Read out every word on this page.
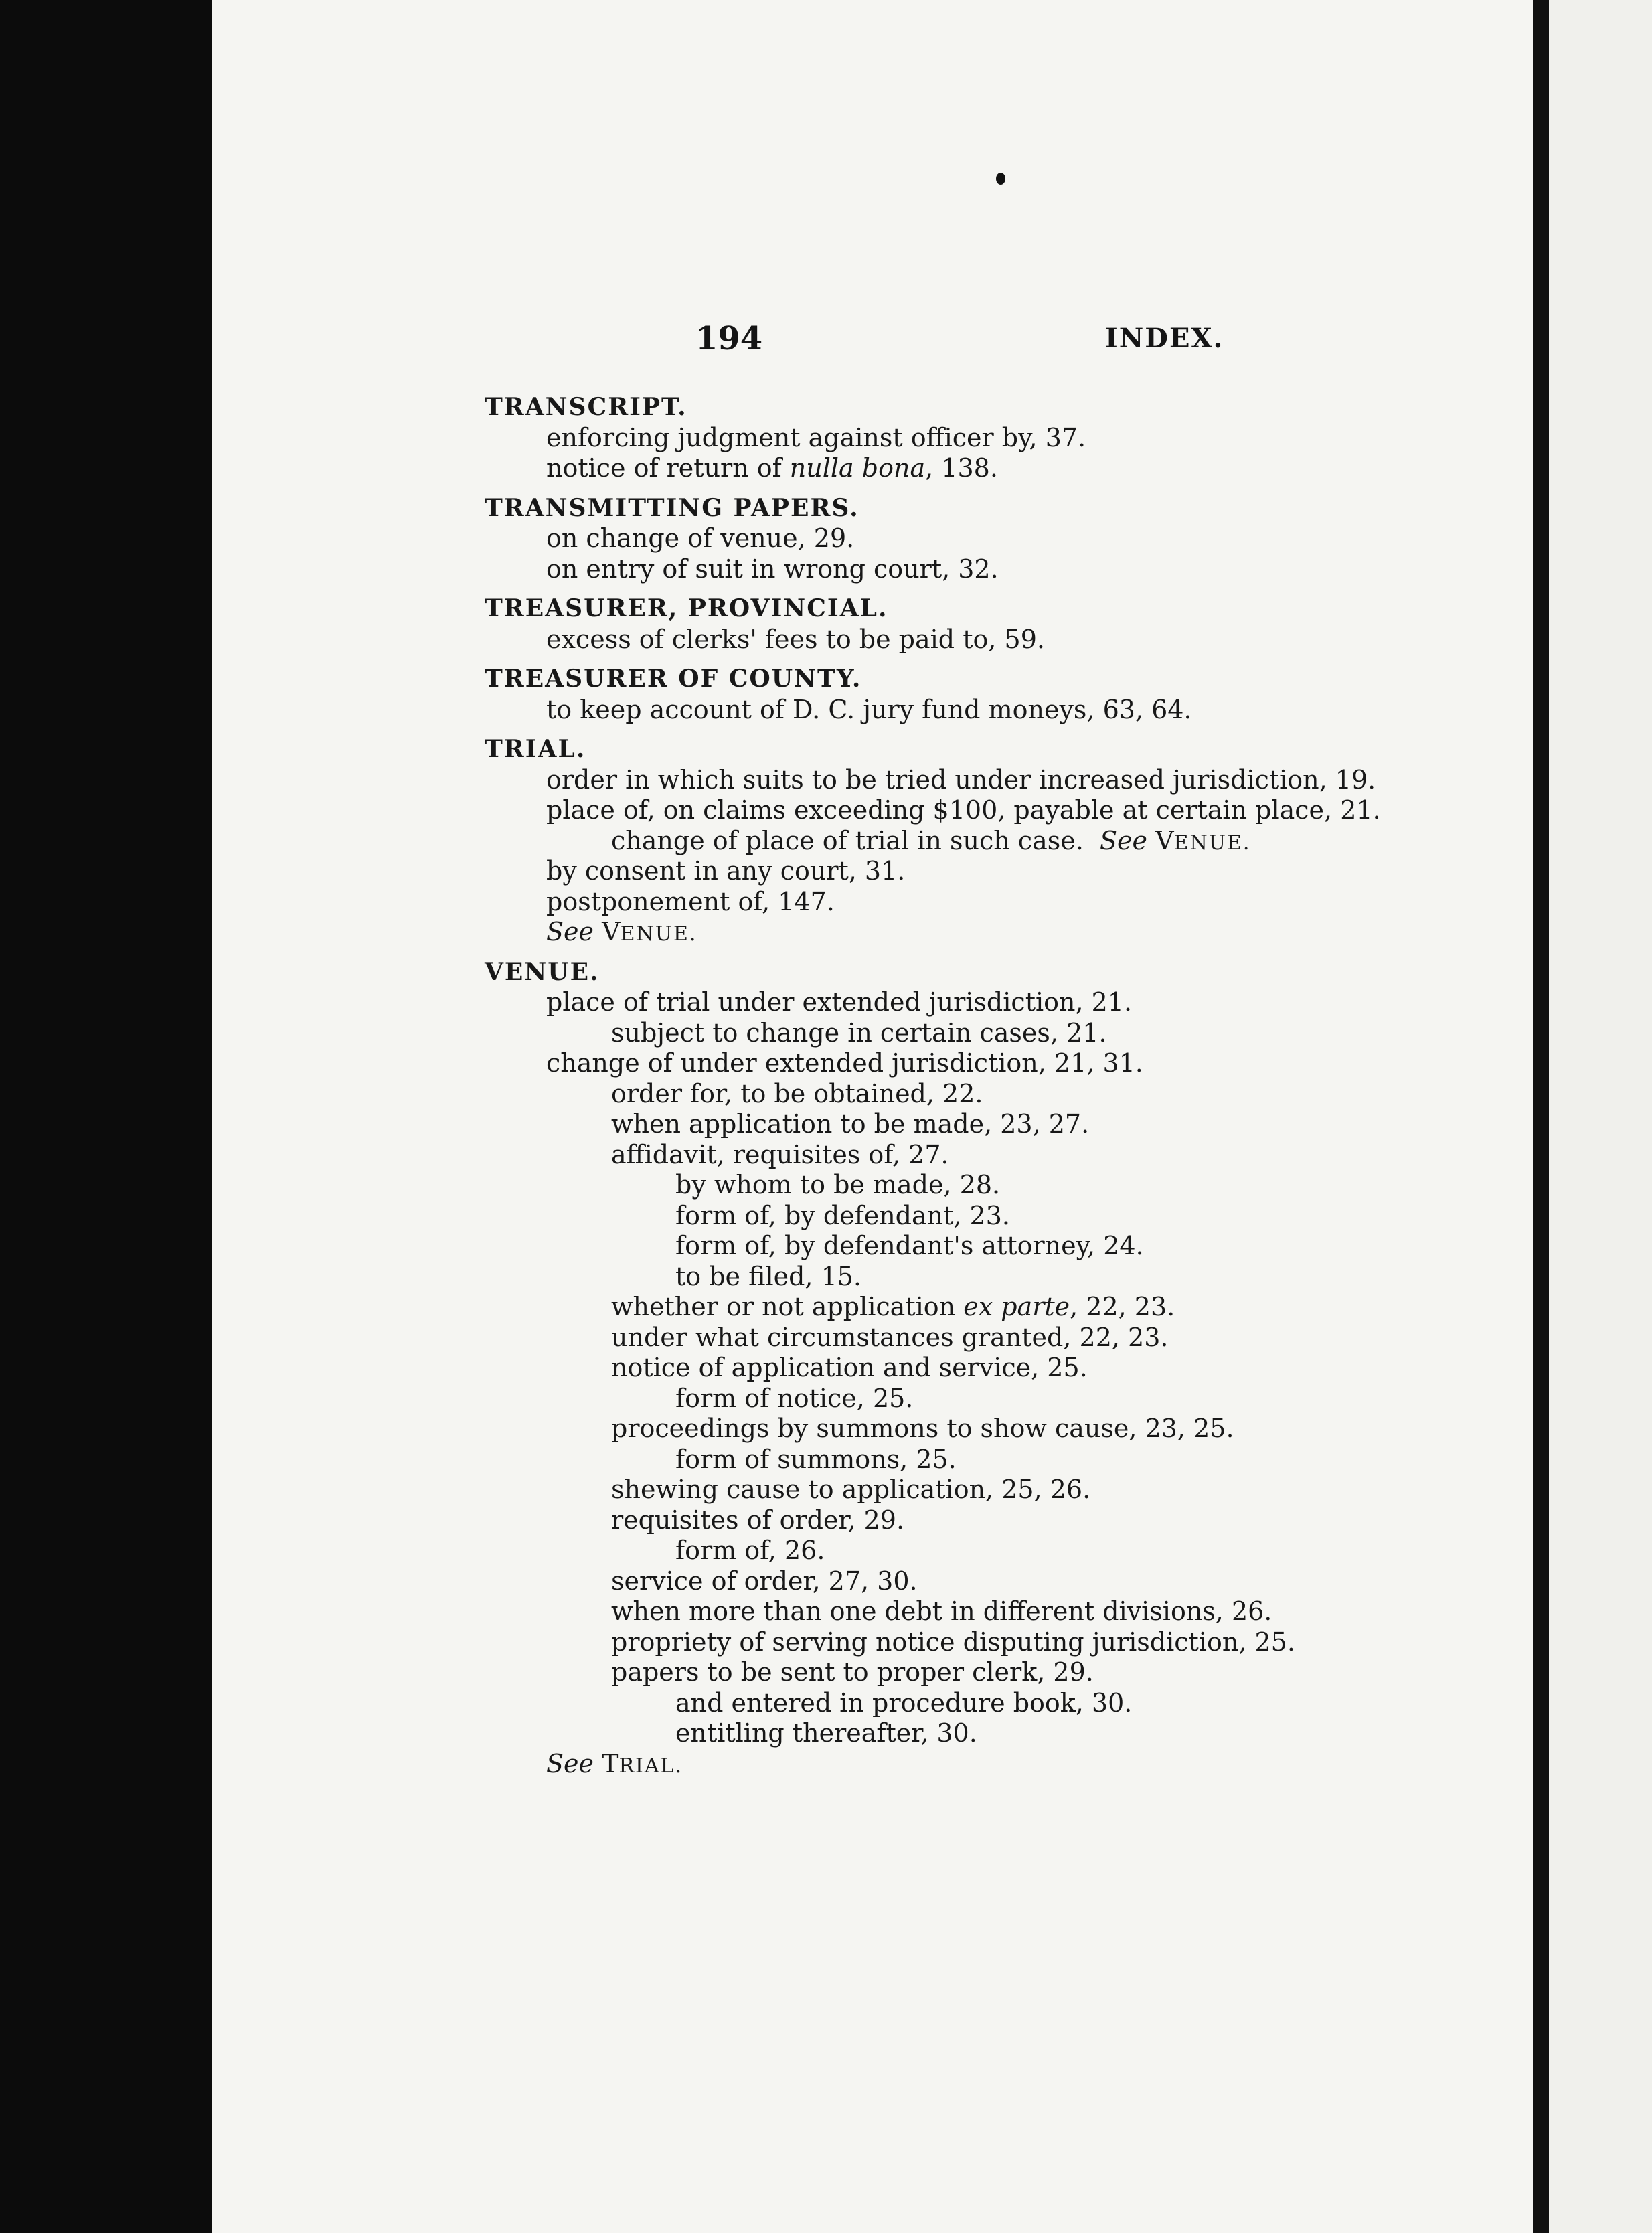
194	INDEX.
TRANSCRIPT.
enforcing judgment against officer by, 37.
notice of return of nulla bona, 138.
TRANSMITTING PAPERS.
on change of venue, 29.
on entry of suit in wrong court, 32.
TREASURER, PROVINCIAL.
excess of clerks' fees to be paid to, 59.
TREASURER OF COUNTY.
to keep account of D. C. jury fund moneys, 63, 64.
TRIAL.
order in which suits to be tried under increased jurisdiction, 19.
place of, on claims exceeding $100, payable at certain place, 21.
change of place of trial in such case. See VENUE.
by consent in any court, 31.
postponement of, 147.
See VENUE.
VENUE.
place of trial under extended jurisdiction, 21.
subject to change in certain cases, 21.
change of under extended jurisdiction, 21, 31.
order for, to be obtained, 22.
when application to be made, 23, 27.
affidavit, requisites of, 27.
by whom to be made, 28.
form of, by defendant, 23.
form of, by defendant's attorney, 24.
to be filed, 15.
whether or not application ex parte, 22, 23.
under what circumstances granted, 22, 23.
notice of application and service, 25.
form of notice, 25.
proceedings by summons to show cause, 23, 25.
form of summons, 25.
shewing cause to application, 25, 26.
requisites of order, 29.
form of, 26.
service of order, 27, 30.
when more than one debt in different divisions, 26.
propriety of serving notice disputing jurisdiction, 25.
papers to be sent to proper clerk, 29.
and entered in procedure book, 30.
entitling thereafter, 30.
See TRIAL.
